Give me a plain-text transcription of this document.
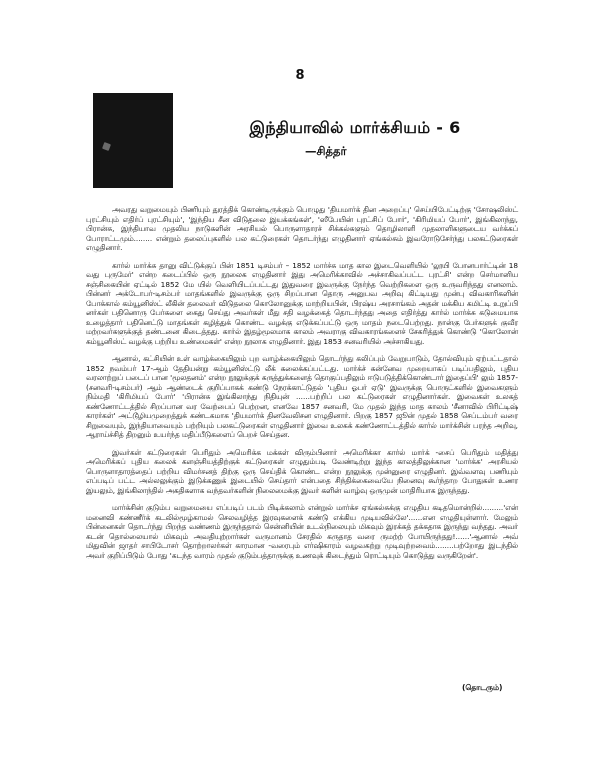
8
இந்தியாவில் மார்க்சியம் - 6
—சித்தர்

அவரது வறுமையும் பிணியும் துரத்திக் கொண்டிருக்கும் பொழுது 'தியமார்க் தின அறைப்பு' செய்யிபேட்டிற்கு 'சோஷலிஸ்ட் புரட்சியும் எதிர்ப் புரட்சியும்', 'இந்திய சீன விடுதலை இயக்கங்கள்', 'ஸீபேயின் புரட்சிப் போர்', 'கிரிமியப் போர்', இங்கிலாந்து, பிரான்சு, இந்தியாவ முதலிய நாடுகளின் அரசியல் பொருளாதாரச் சிக்கல்களும் தொழிலாளி முதலாளிகளுடைய வர்க்கப் போராட்டமும்........ என்றும் தலைப்புகளில் பல கட்டுரைகள் தொடர்ந்து எழுதினார் ஏங்கல்சும் இவரோடுசேர்ந்து பலகட்டுரைகள் எழுதினார்.

கார்ல் மார்க்சு தானு விட்டுக்குப் பின் 1851 டிசம்பர் – 1852 மார்ச்சு மாத கால இடைவெளியில் 'லூயி போனபார்ட்டின் 18 வது புருமேர்' என்ற கடைப்பில் ஒரு நூலைக எழுதினார் இது அமெரிக்காவில் அச்சாகிவப்பட்ட புரட்சி' என்ற செர்மானிய சஞ்சிகையின் ஏட்டில் 1852 மே யில் வெளியிடப்பட்டது இதுவரை இவருக்கு நேர்ந்த வெற்றிகளை ஒரு உருவரிந்தது எனலாம். பின்னர் அக்டோபர்-டிசம்பர் மாதங்களில் இவருக்கு ஒரு சிறப்பான தொரு அனுபவ அறிவு கிட்டியது முன்பு விவகாரிகளின் போக்கால் கம்யூனிஸ்ட் லீகின் தலைவர் விடுதலை கொலோனுக்கு மாற்றியபின், பிரஷ்ய அரசாங்கம் அதன் மக்கிய கமிட்டி உறுப்பி னர்கள் பதினொரு பேர்களை கைது செய்து அவர்கள் மீது சதி வழக்கைத் தொடர்ந்தது அதை எதிர்த்து கார்ல் மார்க்சு கடுமையாக உழைத்தார் பதினெட்டு மாதங்கள் கழித்துக் கொண்ட வழக்கு எடுக்கப்பட்டு ஒரு மாதம் நடைபெற்றது. நான்கு பேர்களுக் குவீர மற்றவர்களுக்குத் தண்டனை கிடைத்தது. கார்ல் இதழ்மூலமாக காலம் அவராகு விவகாரங்களைச் சேகரித்துக் கொண்டு 'கொலோன் கம்யூனிஸ்ட் வழக்கு பற்றிய உண்மைகள்' என்ற நூலாக எழுதினார். இது 1853 சனவரியில் அச்சாகியது.

ஆனால், கட்சியின் உள் வாழ்க்கையிலும் புற வாழ்க்கையிலும் தொடர்ந்து கலிப்பும் வேறுபாடும், தோல்வியும் ஏற்பட்டதால் 1852 நவம்பர் 17-ஆம் தேதியன்று கம்யூனிஸ்ட்டு லீக் கலைக்கப்பட்டது. மார்க்ச் கன்னேவ முறையாகப் படிப்பதிலும், புதிய வரலாற்றுப் படைப் பான 'மூலதனம்' என்ற நூலுக்குக் கருத்துக்களைத் தொகுப்பதிலும் ஈடுபடுத்திக்கொண்டார் இதைப்பி' லும் 1857-(சனவரி-டிசம்பர்) ஆம் ஆண்டைக் குறிப்பாகக் கண்டு நேரக்காட்டுதல் 'புதிய ஓபர் ஏடு' இவருக்கு பொருட்களில் இவைகளும் நிம்மதி 'கிரிமியப் போர்' 'பிரான்சு இங்கிலாந்து நிதியுன் ......பற்றிப் பல கட்டுரைகள் எழுதினார்கள். இவைகள் உலகத் கண்ணோட்டத்தில் சிறப்பான வர வேற்பைப் பெற்றன, எனவே 1857 சனவரி, மே முதல் இந்த மாத காலம் 'சீனாவில் பிரிட்டிஷ் காரர்கள்' அட்டூழியமுறைத்துக் கண்டகமாக 'தியமார்க் தினவேலிசன எழுதினார். பிறகு 1857 ஜூன் முதல் 1858 செப்டம்பர் வரை சிறுவையும், இந்தியாவையும் பற்றியும் பலகட்டுரைகள் எழுதினார் இவை உலகக் கண்ணோட்டத்தில் கார்ல் மார்க்சின் பரந்த அறிவு, ஆராய்ச்சித் திறனும் உயர்ந்த மதிப்பீடுகளைப் பெறச் செய்தன.

இவர்கள் கட்டுரைகள் பெரிதும் அமெரிக்க மக்கள் விரும்பினார் அமெரிக்கா கார்ல் மார்க் -சைப் பெரிதும் மதித்து அமெரிக்கப் புதிய கலைக் களஞ்சியத்திற்குக் கட்டுரைகள் எழுதும்படி வேண்டிற்று இந்த காலத்திலுக்கான 'மார்க்சு' அரசியல் பொருளாதாரத்தைப் பற்றிய விமர்சனத் திற்கு ஒரு செய்திக் கொண்ட என்ற நூலுக்கு முன்னுரை எழுதினர். இவ்வளவு பணியும் எப்படிப் பட்ட அல்லலுக்கும் இடுக்கணுக் இடையில் செய்தார் என்பதை சிந்திக்கைவையே நினைவு கூர்ந்தாற போதுகள் உணர இயலும், இங்கிலாந்தில் அகதிகளாக வந்தவர்களின் நிலைமைக்கு இவர் களின் வாழ்வு ஒருமுன் மாதிரியாக இருந்தது.

மார்க்சின் குடும்ப வறுமையை எப்படிப் படம் பிடிக்கலாம் என்றுல் மார்க்ச ஏங்கல்சுக்கு எழுதிய கடிதமொன்றில்.........'என் மனைவி கண்ணீர்க் கடலில்மூழ்காமல் செலவழித்த இரவுகளைக் கண்டு எக்கிய முடியவில்லே'......என எழுதியுள்ளார். மேலும் பின்னைகள் தொடர்ந்து பிறந்த வண்ணம் இருந்ததால் சென்னியின் உடல்நிலையும் மிகவும் இரக்கத் தக்கதாக இருந்து வந்தது. அவர் கடன் தொல்லையால் மிகவும் அவதியுற்றார்கள் வருமானம் சேரதில் கருதாத வரை ருமற்ற் போயிருந்தது!......'ஆனால் அவ் மிதுவின் ஜாதர் சாபிடோசர் தொற்றாலர்கள் காரமான -வரைபும் எர்ஷிகாரம் வழவகற்று முடிவுற்றவைம்........பற்றோது இடந்தில் அவர் குறிப்பிடும் போது 'கடந்த வாரம் முதல் குடும்பத்தாருக்கு உணவுக் கிடைந்தும் ரொட்டியும் கொடுத்து வருகிறேன்'.

(தொடரும்)
